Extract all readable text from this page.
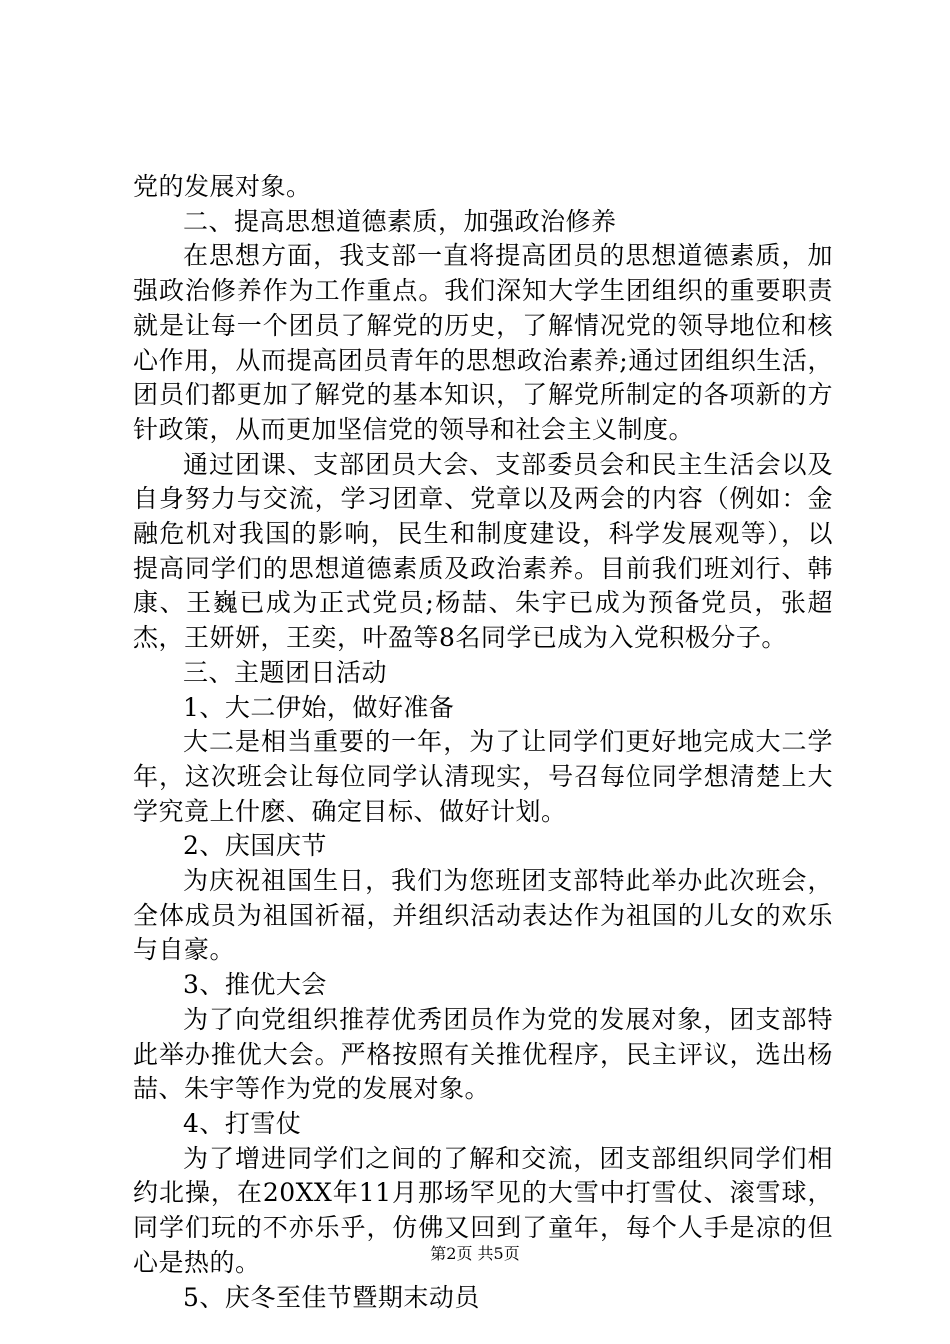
党的发展对象。

二、提高思想道德素质，加强政治修养

在思想方面，我支部一直将提高团员的思想道德素质，加强政治修养作为工作重点。我们深知大学生团组织的重要职责就是让每一个团员了解党的历史，了解情况党的领导地位和核心作用，从而提高团员青年的思想政治素养;通过团组织生活，团员们都更加了解党的基本知识，了解党所制定的各项新的方针政策，从而更加坚信党的领导和社会主义制度。

通过团课、支部团员大会、支部委员会和民主生活会以及自身努力与交流，学习团章、党章以及两会的内容（例如：金融危机对我国的影响，民生和制度建设，科学发展观等），以提高同学们的思想道德素质及政治素养。目前我们班刘行、韩康、王巍已成为正式党员;杨喆、朱宇已成为预备党员，张超杰，王妍妍，王奕，叶盈等8名同学已成为入党积极分子。

三、主题团日活动

1、大二伊始，做好准备

大二是相当重要的一年，为了让同学们更好地完成大二学年，这次班会让每位同学认清现实，号召每位同学想清楚上大学究竟上什麽、确定目标、做好计划。

2、庆国庆节

为庆祝祖国生日，我们为您班团支部特此举办此次班会，全体成员为祖国祈福，并组织活动表达作为祖国的儿女的欢乐与自豪。

3、推优大会

为了向党组织推荐优秀团员作为党的发展对象，团支部特此举办推优大会。严格按照有关推优程序，民主评议，选出杨喆、朱宇等作为党的发展对象。

4、打雪仗

为了增进同学们之间的了解和交流，团支部组织同学们相约北操，在20XX年11月那场罕见的大雪中打雪仗、滚雪球，同学们玩的不亦乐乎，仿佛又回到了童年，每个人手是凉的但心是热的。

5、庆冬至佳节暨期末动员

第2页 共5页
